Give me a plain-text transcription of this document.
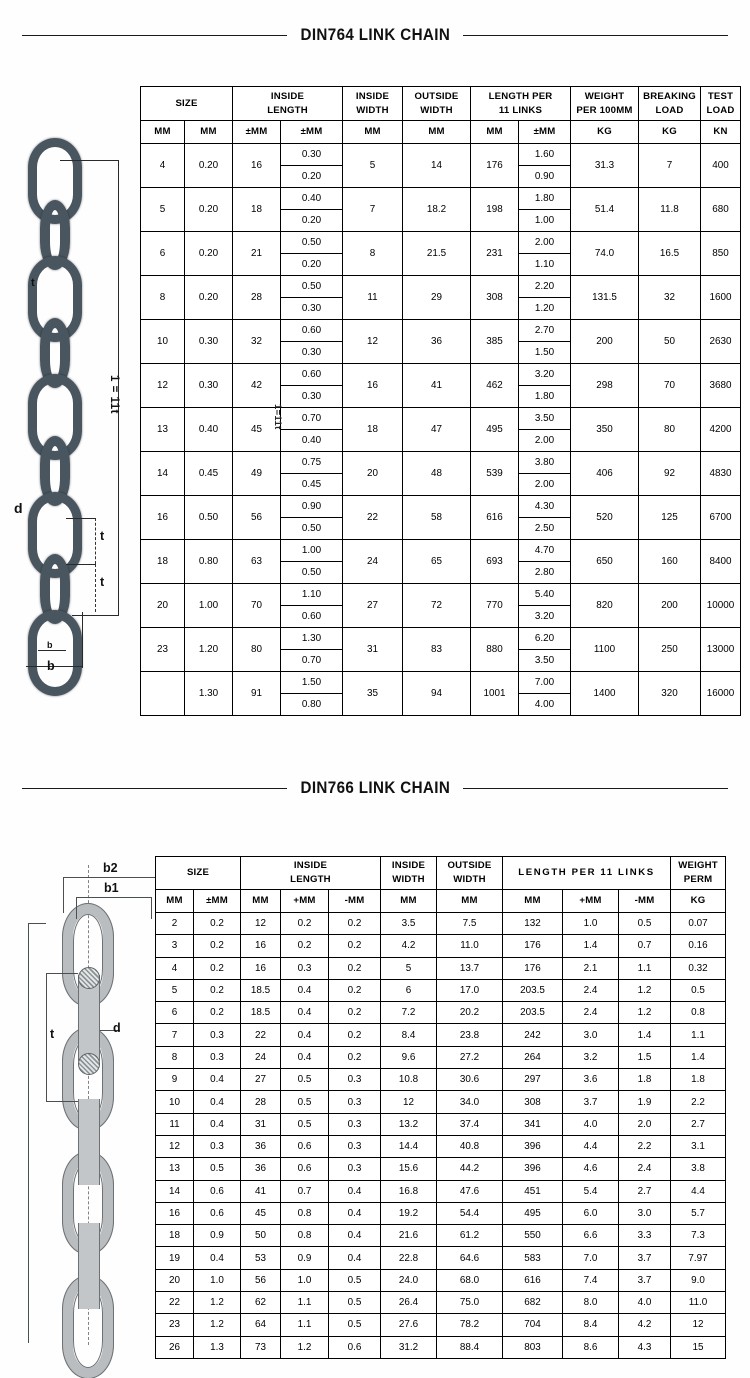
DIN764 LINK CHAIN
t
d
1 = 11t
t
t
b
b
1=11t
SIZE		INSIDE
LENGTH		INSIDE
WIDTH	OUTSIDE
WIDTH	LENGTH PER
11 LINKS		WEIGHT
PER 100MM	BREAKING
LOAD	TEST
LOAD
MM	MM	±MM	±MM	MM	MM	MM	±MM	KG	KG	KN
4	0.20	16	0.30	5	14	176	1.60	31.3	7	400
			0.20				0.90			
5	0.20	18	0.40	7	18.2	198	1.80	51.4	11.8	680
			0.20				1.00			
6	0.20	21	0.50	8	21.5	231	2.00	74.0	16.5	850
			0.20				1.10			
8	0.20	28	0.50	11	29	308	2.20	131.5	32	1600
			0.30				1.20			
10	0.30	32	0.60	12	36	385	2.70	200	50	2630
			0.30				1.50			
12	0.30	42	0.60	16	41	462	3.20	298	70	3680
			0.30				1.80			
13	0.40	45	0.70	18	47	495	3.50	350	80	4200
			0.40				2.00			
14	0.45	49	0.75	20	48	539	3.80	406	92	4830
			0.45				2.00			
16	0.50	56	0.90	22	58	616	4.30	520	125	6700
			0.50				2.50			
18	0.80	63	1.00	24	65	693	4.70	650	160	8400
			0.50				2.80			
20	1.00	70	1.10	27	72	770	5.40	820	200	10000
			0.60				3.20			
23	1.20	80	1.30	31	83	880	6.20	1100	250	13000
			0.70				3.50			
	1.30	91	1.50	35	94	1001	7.00	1400	320	16000
			0.80				4.00			
DIN766 LINK CHAIN
b2
b1
t	d
SIZE		INSIDE
LENGTH			INSIDE
WIDTH	OUTSIDE
WIDTH	LENGTH PER 11 LINKS			WEIGHT
PERM
MM	±MM	MM	+MM	-MM	MM	MM	MM	+MM	-MM	KG
2	0.2	12	0.2	0.2	3.5	7.5	132	1.0	0.5	0.07
3	0.2	16	0.2	0.2	4.2	11.0	176	1.4	0.7	0.16
4	0.2	16	0.3	0.2	5	13.7	176	2.1	1.1	0.32
5	0.2	18.5	0.4	0.2	6	17.0	203.5	2.4	1.2	0.5
6	0.2	18.5	0.4	0.2	7.2	20.2	203.5	2.4	1.2	0.8
7	0.3	22	0.4	0.2	8.4	23.8	242	3.0	1.4	1.1
8	0.3	24	0.4	0.2	9.6	27.2	264	3.2	1.5	1.4
9	0.4	27	0.5	0.3	10.8	30.6	297	3.6	1.8	1.8
10	0.4	28	0.5	0.3	12	34.0	308	3.7	1.9	2.2
11	0.4	31	0.5	0.3	13.2	37.4	341	4.0	2.0	2.7
12	0.3	36	0.6	0.3	14.4	40.8	396	4.4	2.2	3.1
13	0.5	36	0.6	0.3	15.6	44.2	396	4.6	2.4	3.8
14	0.6	41	0.7	0.4	16.8	47.6	451	5.4	2.7	4.4
16	0.6	45	0.8	0.4	19.2	54.4	495	6.0	3.0	5.7
18	0.9	50	0.8	0.4	21.6	61.2	550	6.6	3.3	7.3
19	0.4	53	0.9	0.4	22.8	64.6	583	7.0	3.7	7.97
20	1.0	56	1.0	0.5	24.0	68.0	616	7.4	3.7	9.0
22	1.2	62	1.1	0.5	26.4	75.0	682	8.0	4.0	11.0
23	1.2	64	1.1	0.5	27.6	78.2	704	8.4	4.2	12
26	1.3	73	1.2	0.6	31.2	88.4	803	8.6	4.3	15
